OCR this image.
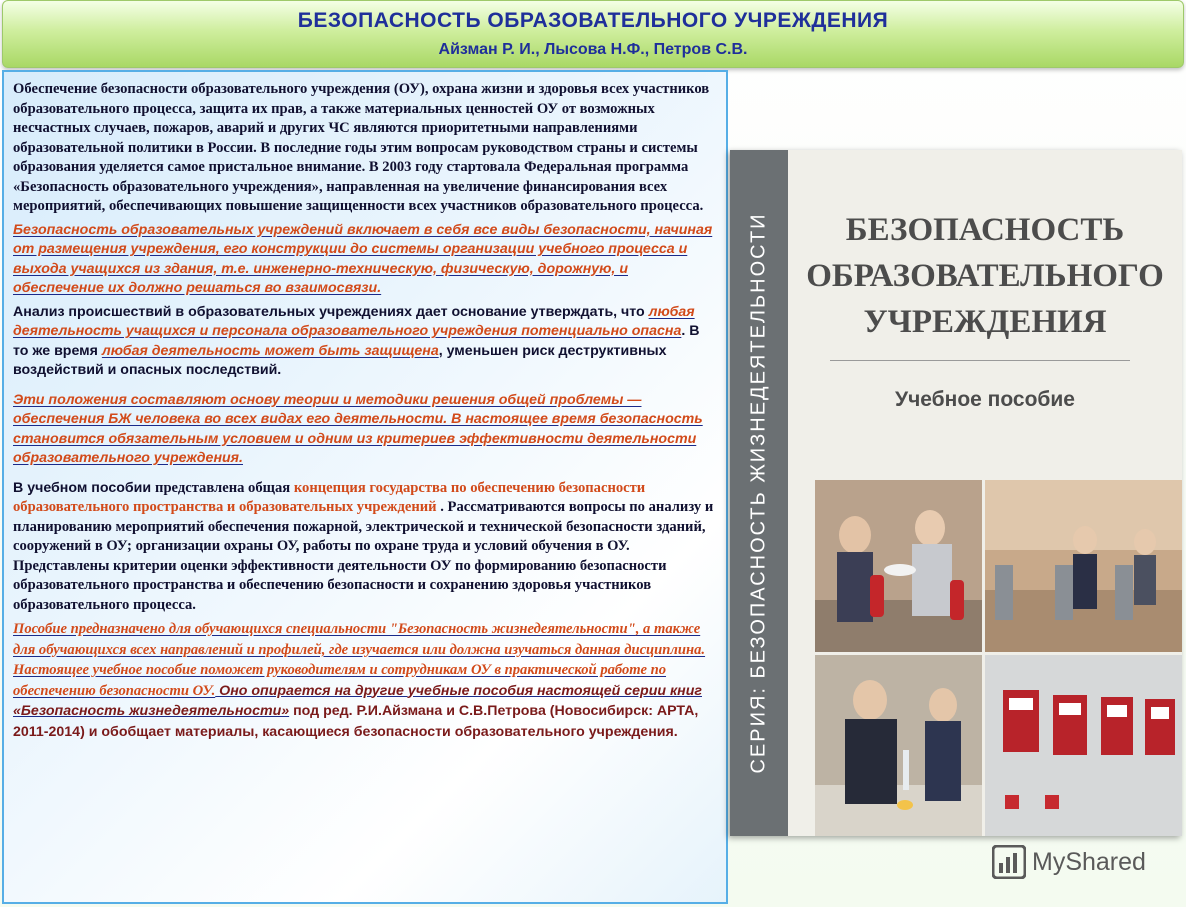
БЕЗОПАСНОСТЬ ОБРАЗОВАТЕЛЬНОГО УЧРЕЖДЕНИЯ
Айзман Р. И., Лысова Н.Ф., Петров С.В.

Обеспечение безопасности образовательного учреждения (ОУ), охрана жизни и здоровья всех участников образовательного процесса, защита их прав, а также материальных ценностей ОУ от возможных несчастных случаев, пожаров, аварий и других ЧС являются приоритетными направлениями образовательной политики в России. В последние годы этим вопросам руководством страны и системы образования уделяется самое пристальное внимание. В 2003 году стартовала Федеральная программа «Безопасность образовательного учреждения», направленная на увеличение финансирования всех мероприятий, обеспечивающих повышение защищенности всех участников образовательного процесса.

Безопасность образовательных учреждений включает в себя все виды безопасности, начиная от размещения учреждения, его конструкции до системы организации учебного процесса и выхода учащихся из здания, т.е. инженерно-техническую, физическую, дорожную, и обеспечение их должно решаться во взаимосвязи.

Анализ происшествий в образовательных учреждениях дает основание утверждать, что любая деятельность учащихся и персонала образовательного учреждения потенциально опасна. В то же время любая деятельность может быть защищена, уменьшен риск деструктивных воздействий и опасных последствий.

Эти положения составляют основу теории и методики решения общей проблемы — обеспечения БЖ человека во всех видах его деятельности. В настоящее время безопасность становится обязательным условием и одним из критериев эффективности деятельности образовательного учреждения.

В учебном пособии представлена общая концепция государства по обеспечению безопасности образовательного пространства и образовательных учреждений . Рассматриваются вопросы по анализу и планированию мероприятий обеспечения пожарной, электрической и технической безопасности зданий, сооружений в ОУ; организации охраны ОУ, работы по охране труда и условий обучения в ОУ. Представлены критерии оценки эффективности деятельности ОУ по формированию безопасности образовательного пространства и обеспечению безопасности и сохранению здоровья участников образовательного процесса.

Пособие предназначено для обучающихся специальности "Безопасность жизнедеятельности", а также для обучающихся всех направлений и профилей, где изучается или должна изучаться данная дисциплина. Настоящее учебное пособие поможет руководителям и сотрудникам ОУ в практической работе по обеспечению безопасности ОУ. Оно опирается на другие учебные пособия настоящей серии книг «Безопасность жизнедеятельности» под ред. Р.И.Айзмана и С.В.Петрова (Новосибирск: АРТА, 2011-2014) и обобщает материалы, касающиеся безопасности образовательного учреждения.	СЕРИЯ: БЕЗОПАСНОСТЬ ЖИЗНЕДЕЯТЕЛЬНОСТИ	БЕЗОПАСНОСТЬ
ОБРАЗОВАТЕЛЬНОГО
УЧРЕЖДЕНИЯ
Учебное пособие
MyShared
